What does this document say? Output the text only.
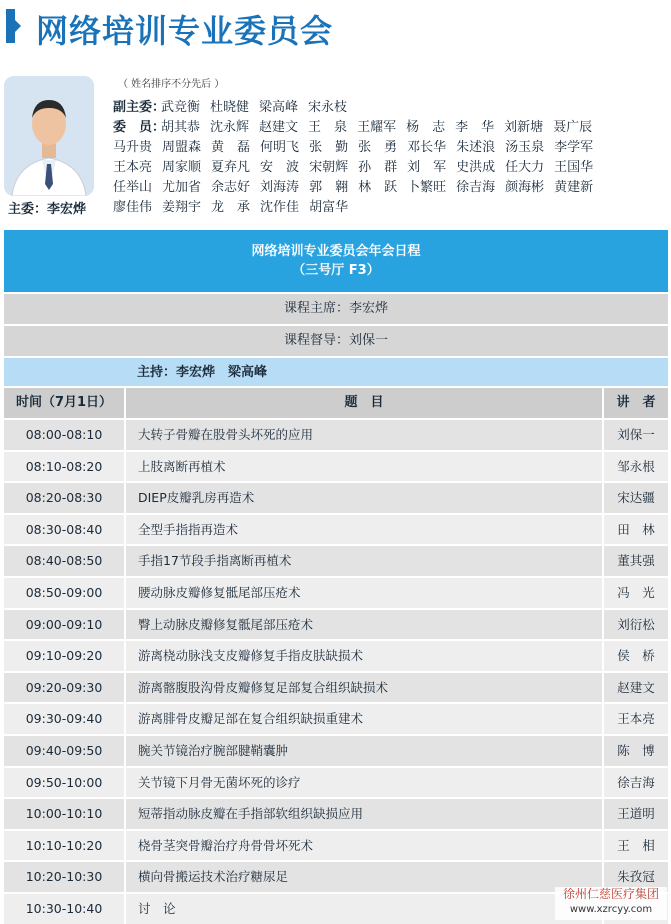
网络培训专业委员会
主委：李宏烨
（ 姓名排序不分先后 ）
副主委：武竞衡 杜晓健 梁高峰 宋永枝
委　员：胡其恭 沈永辉 赵建文 王　泉 王耀军 杨　志 李　华 刘新塘 聂广辰
马升贵 周盟森 黄　磊 何明飞 张　勤 张　勇 邓长华 朱述浪 汤玉泉 李学军
王本亮 周家顺 夏弃凡 安　波 宋朝辉 孙　群 刘　军 史洪成 任大力 王国华
任举山 尤加省 余志好 刘海涛 郭　翱 林　跃 卜繁旺 徐吉海 颜海彬 黄建新
廖佳伟 姜翔宇 龙　承 沈作佳 胡富华
网络培训专业委员会年会日程
（三号厅 F3）
课程主席：李宏烨
课程督导：刘保一
主持：李宏烨　梁高峰
时间（7月1日）	题　目	讲　者
08:00-08:10	大转子骨瓣在股骨头坏死的应用	刘保一
08:10-08:20	上肢离断再植术	邹永根
08:20-08:30	DIEP皮瓣乳房再造术	宋达疆
08:30-08:40	全型手指指再造术	田　林
08:40-08:50	手指17节段手指离断再植术	董其强
08:50-09:00	腰动脉皮瓣修复骶尾部压疮术	冯　光
09:00-09:10	臀上动脉皮瓣修复骶尾部压疮术	刘衍松
09:10-09:20	游离桡动脉浅支皮瓣修复手指皮肤缺损术	侯　桥
09:20-09:30	游离髂腹股沟骨皮瓣修复足部复合组织缺损术	赵建文
09:30-09:40	游离腓骨皮瓣足部在复合组织缺损重建术	王本亮
09:40-09:50	腕关节镜治疗腕部腱鞘囊肿	陈　博
09:50-10:00	关节镜下月骨无菌坏死的诊疗	徐吉海
10:00-10:10	短蒂指动脉皮瓣在手指部软组织缺损应用	王道明
10:10-10:20	桡骨茎突骨瓣治疗舟骨骨坏死术	王　相
10:20-10:30	横向骨搬运技术治疗糖尿足	朱孜冠
10:30-10:40	讨　论
徐州仁慈医疗集团
www.xzrcyy.com
